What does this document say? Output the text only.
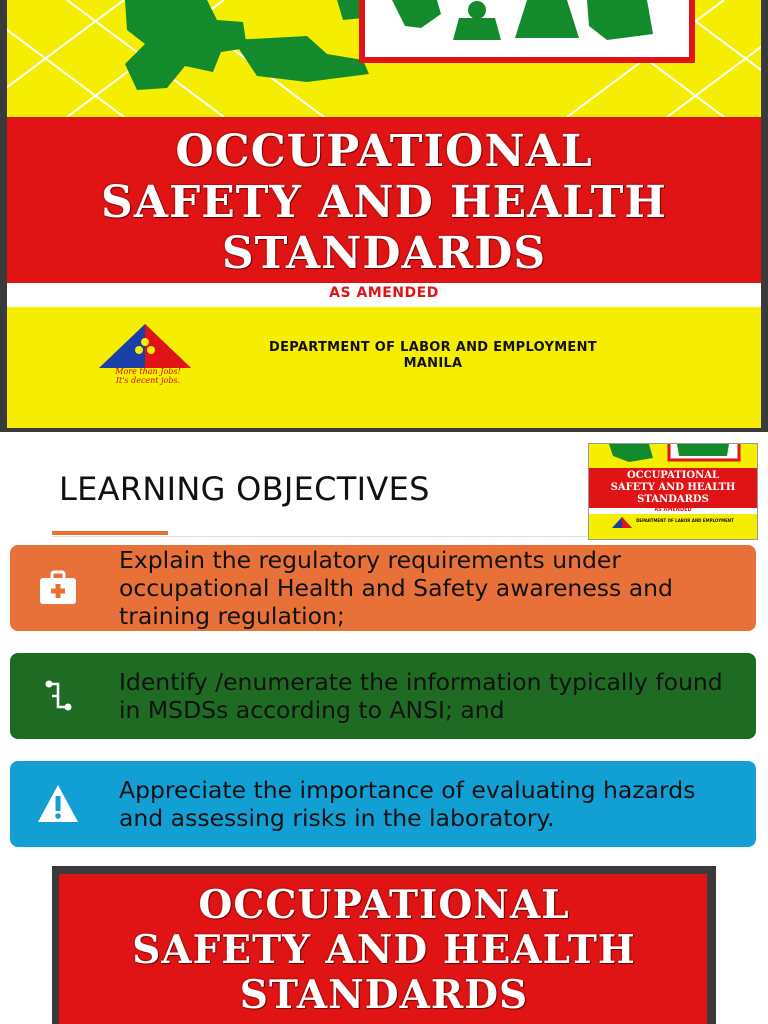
OCCUPATIONAL
SAFETY AND HEALTH
STANDARDS
AS AMENDED
More than Jobs!
It's decent jobs.
DEPARTMENT OF LABOR AND EMPLOYMENT
MANILA
LEARNING OBJECTIVES	OCCUPATIONAL
SAFETY AND HEALTH
STANDARDS
AS AMENDED
DEPARTMENT OF LABOR AND EMPLOYMENT
Explain the regulatory requirements under occupational Health and Safety awareness and training regulation;
Identify /enumerate the information typically found in MSDSs according to ANSI; and
Appreciate the importance of evaluating hazards and assessing risks in the laboratory.
OCCUPATIONAL
SAFETY AND HEALTH
STANDARDS
